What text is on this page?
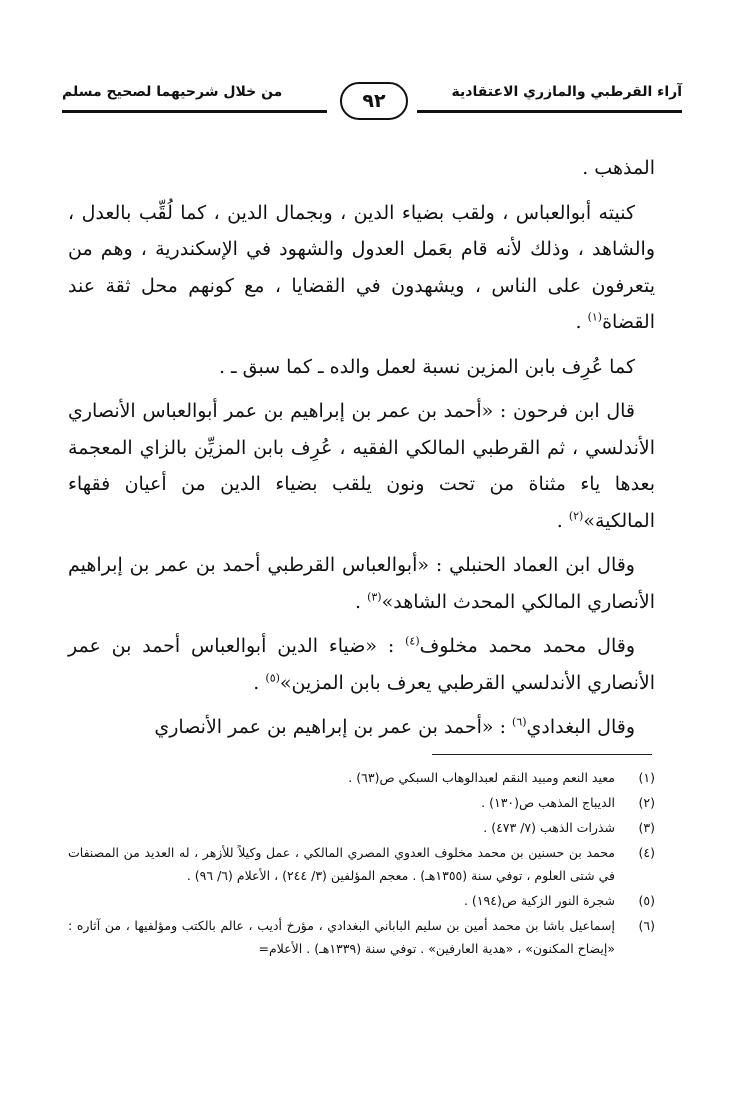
آراء القرطبي والمازري الاعتقادية
٩٢
من خلال شرحيهما لصحيح مسلم

المذهب .

كنيته أبوالعباس ، ولقب بضياء الدين ، وبجمال الدين ، كما لُقِّب بالعدل ، والشاهد ، وذلك لأنه قام بعَمل العدول والشهود في الإسكندرية ، وهم من يتعرفون على الناس ، ويشهدون في القضايا ، مع كونهم محل ثقة عند القضاة$^{(١)}$ .

كما عُرِف بابن المزين نسبة لعمل والده ـ كما سبق ـ .

قال ابن فرحون : «أحمد بن عمر بن إبراهيم بن عمر أبوالعباس الأنصاري الأندلسي ، ثم القرطبي المالكي الفقيه ، عُرِف بابن المزيِّن بالزاي المعجمة بعدها ياء مثناة من تحت ونون يلقب بضياء الدين من أعيان فقهاء المالكية»$^{(٢)}$ .

وقال ابن العماد الحنبلي : «أبوالعباس القرطبي أحمد بن عمر بن إبراهيم الأنصاري المالكي المحدث الشاهد»$^{(٣)}$ .

وقال محمد محمد مخلوف$^{(٤)}$ : «ضياء الدين أبوالعباس أحمد بن عمر الأنصاري الأندلسي القرطبي يعرف بابن المزين»$^{(٥)}$ .

وقال البغدادي$^{(٦)}$ : «أحمد بن عمر بن إبراهيم بن عمر الأنصاري

(١)
معيد النعم ومبيد النقم لعبدالوهاب السبكي ص(٦٣) .
(٢)
الديباج المذهب ص(١٣٠) .
(٣)
شذرات الذهب (٧/ ٤٧٣) .
(٤)
محمد بن حسنين بن محمد مخلوف العدوي المصري المالكي ، عمل وكيلاً للأزهر ، له العديد من المصنفات في شتى العلوم ، توفي سنة (١٣٥٥هـ) . معجم المؤلفين (٣/ ٢٤٤) ، الأعلام (٦/ ٩٦) .
(٥)
شجرة النور الزكية ص(١٩٤) .
(٦)
إسماعيل باشا بن محمد أمين بن سليم الباباني البغدادي ، مؤرخ أديب ، عالم بالكتب ومؤلفيها ، من آثاره : «إيضاح المكنون» ، «هدية العارفين» . توفي سنة (١٣٣٩هـ) . الأعلام=
